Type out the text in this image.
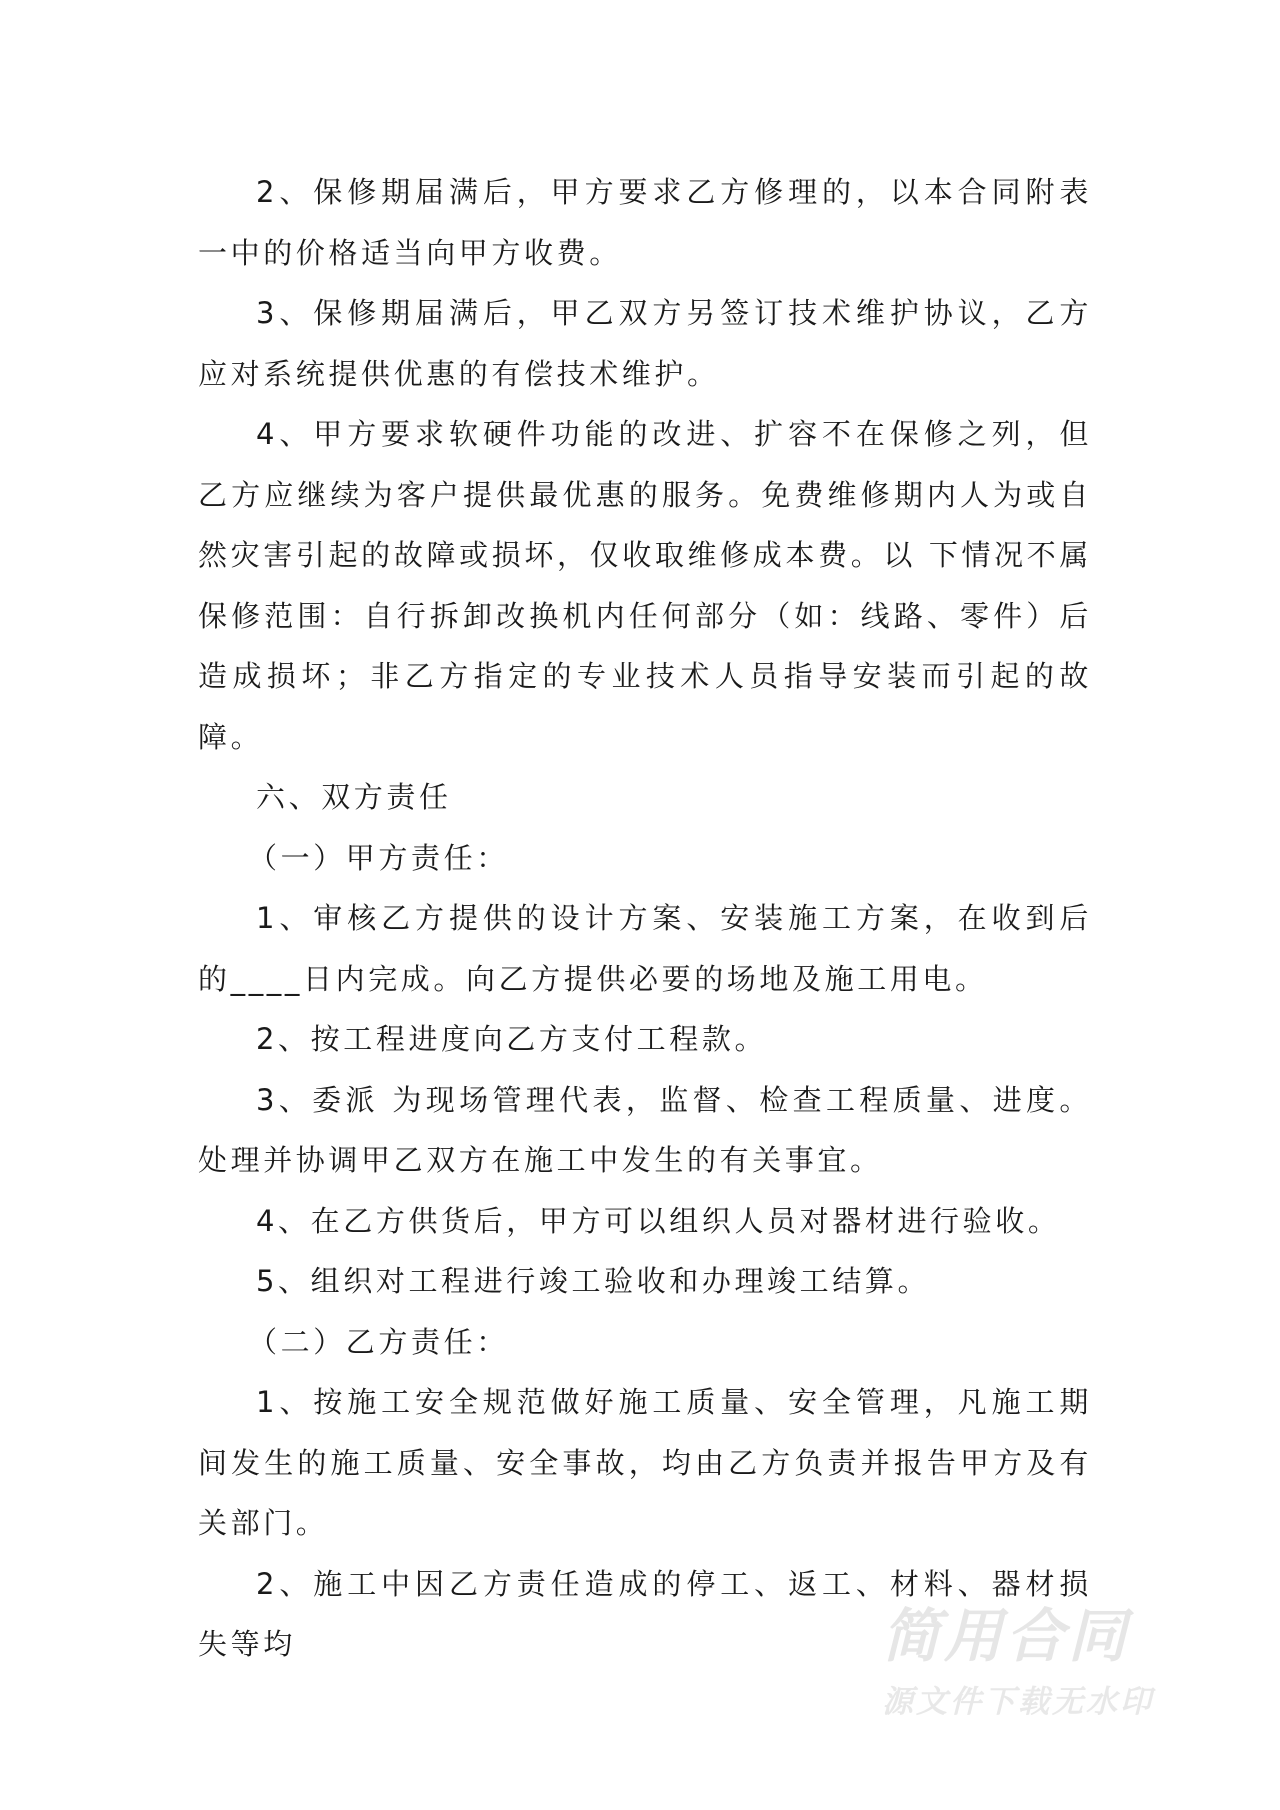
2、保修期届满后，甲方要求乙方修理的，以本合同附表一中的价格适当向甲方收费。

3、保修期届满后，甲乙双方另签订技术维护协议，乙方应对系统提供优惠的有偿技术维护。

4、甲方要求软硬件功能的改进、扩容不在保修之列，但乙方应继续为客户提供最优惠的服务。免费维修期内人为或自然灾害引起的故障或损坏，仅收取维修成本费。以 下情况不属保修范围：自行拆卸改换机内任何部分（如：线路、零件）后造成损坏；非乙方指定的专业技术人员指导安装而引起的故障。

六、双方责任

（一）甲方责任：

1、审核乙方提供的设计方案、安装施工方案，在收到后的____日内完成。向乙方提供必要的场地及施工用电。

2、按工程进度向乙方支付工程款。

3、委派 为现场管理代表，监督、检查工程质量、进度。处理并协调甲乙双方在施工中发生的有关事宜。

4、在乙方供货后，甲方可以组织人员对器材进行验收。

5、组织对工程进行竣工验收和办理竣工结算。

（二）乙方责任：

1、按施工安全规范做好施工质量、安全管理，凡施工期间发生的施工质量、安全事故，均由乙方负责并报告甲方及有关部门。

2、施工中因乙方责任造成的停工、返工、材料、器材损失等均	简用合同
源文件下载无水印
